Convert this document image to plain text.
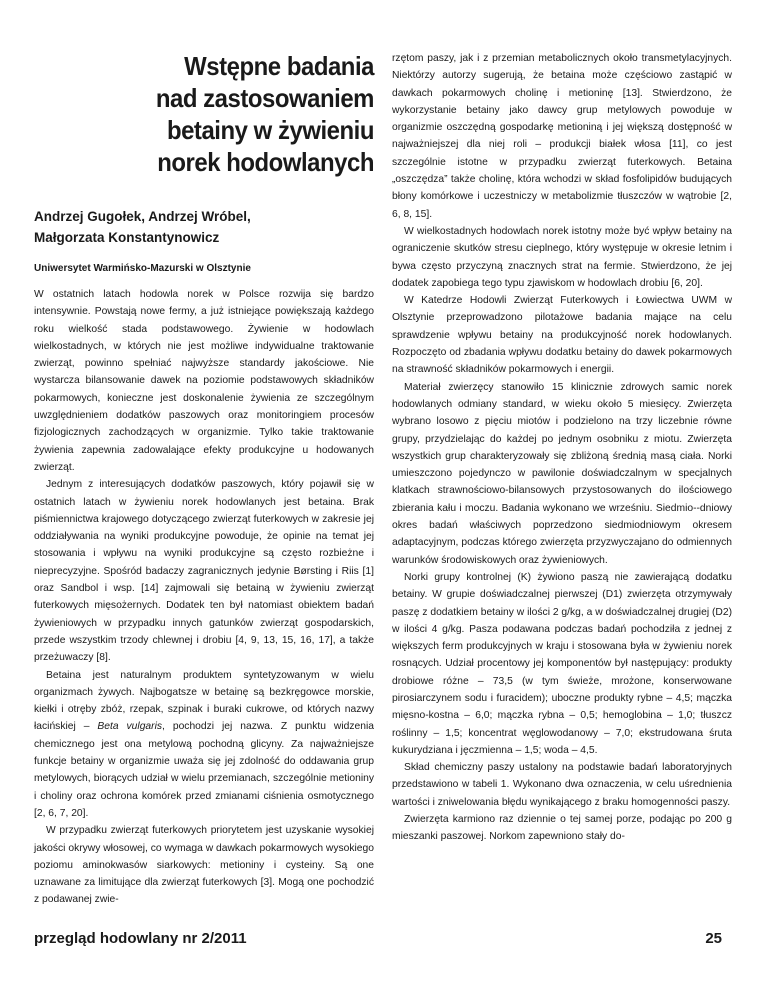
Wstępne badania
nad zastosowaniem
betainy w żywieniu
norek hodowlanych
Andrzej Gugołek, Andrzej Wróbel,
Małgorzata Konstantynowicz
Uniwersytet Warmińsko-Mazurski w Olsztynie

W ostatnich latach hodowla norek w Polsce rozwija się bardzo intensywnie. Powstają nowe fermy, a już istniejące powiększają każdego roku wielkość stada podstawowego. Żywienie w hodowlach wielkostadnych, w których nie jest możliwe indywidualne traktowanie zwierząt, powinno spełniać najwyższe standardy jakościowe. Nie wystarcza bilansowanie dawek na poziomie podstawowych składników pokarmowych, konieczne jest doskonalenie żywienia ze szczególnym uwzględnieniem dodatków paszowych oraz monitoringiem procesów fizjologicznych zachodzących w organizmie. Tylko takie traktowanie żywienia zapewnia zadowalające efekty produkcyjne u hodowanych zwierząt.

Jednym z interesujących dodatków paszowych, który pojawił się w ostatnich latach w żywieniu norek hodowlanych jest betaina. Brak piśmiennictwa krajowego dotyczącego zwierząt futerkowych w zakresie jej oddziaływania na wyniki produkcyjne powoduje, że opinie na temat jej stosowania i wpływu na wyniki produkcyjne są często rozbieżne i nieprecyzyjne. Spośród badaczy zagranicznych jedynie Børsting i Riis [1] oraz Sandbol i wsp. [14] zajmowali się betainą w żywieniu zwierząt futerkowych mięsożernych. Dodatek ten był natomiast obiektem badań żywieniowych w przypadku innych gatunków zwierząt gospodarskich, przede wszystkim trzody chlewnej i drobiu [4, 9, 13, 15, 16, 17], a także przeżuwaczy [8].

Betaina jest naturalnym produktem syntetyzowanym w wielu organizmach żywych. Najbogatsze w betainę są bezkręgowce morskie, kiełki i otręby zbóż, rzepak, szpinak i buraki cukrowe, od których nazwy łacińskiej – Beta vulgaris, pochodzi jej nazwa. Z punktu widzenia chemicznego jest ona metylową pochodną glicyny. Za najważniejsze funkcje betainy w organizmie uważa się jej zdolność do oddawania grup metylowych, biorących udział w wielu przemianach, szczególnie metioniny i choliny oraz ochrona komórek przed zmianami ciśnienia osmotycznego [2, 6, 7, 20].

W przypadku zwierząt futerkowych priorytetem jest uzyskanie wysokiej jakości okrywy włosowej, co wymaga w dawkach pokarmowych wysokiego poziomu aminokwasów siarkowych: metioniny i cysteiny. Są one uznawane za limitujące dla zwierząt futerkowych [3]. Mogą one pochodzić z podawanej zwie-

rzętom paszy, jak i z przemian metabolicznych około transmetylacyjnych. Niektórzy autorzy sugerują, że betaina może częściowo zastąpić w dawkach pokarmowych cholinę i metioninę [13]. Stwierdzono, że wykorzystanie betainy jako dawcy grup metylowych powoduje w organizmie oszczędną gospodarkę metioniną i jej większą dostępność w najważniejszej dla niej roli – produkcji białek włosa [11], co jest szczególnie istotne w przypadku zwierząt futerkowych. Betaina „oszczędza” także cholinę, która wchodzi w skład fosfolipidów budujących błony komórkowe i uczestniczy w metabolizmie tłuszczów w wątrobie [2, 6, 8, 15].

W wielkostadnych hodowlach norek istotny może być wpływ betainy na ograniczenie skutków stresu cieplnego, który występuje w okresie letnim i bywa często przyczyną znacznych strat na fermie. Stwierdzono, że jej dodatek zapobiega tego typu zjawiskom w hodowlach drobiu [6, 20].

W Katedrze Hodowli Zwierząt Futerkowych i Łowiectwa UWM w Olsztynie przeprowadzono pilotażowe badania mające na celu sprawdzenie wpływu betainy na produkcyjność norek hodowlanych. Rozpoczęto od zbadania wpływu dodatku betainy do dawek pokarmowych na strawność składników pokarmowych i energii.

Materiał zwierzęcy stanowiło 15 klinicznie zdrowych samic norek hodowlanych odmiany standard, w wieku około 5 miesięcy. Zwierzęta wybrano losowo z pięciu miotów i podzielono na trzy liczebnie równe grupy, przydzielając do każdej po jednym osobniku z miotu. Zwierzęta wszystkich grup charakteryzowały się zbliżoną średnią masą ciała. Norki umieszczono pojedynczo w pawilonie doświadczalnym w specjalnych klatkach strawnościowo-bilansowych przystosowanych do ilościowego zbierania kału i moczu. Badania wykonano we wrześniu. Siedmio--dniowy okres badań właściwych poprzedzono siedmiodniowym okresem adaptacyjnym, podczas którego zwierzęta przyzwyczajano do odmiennych warunków środowiskowych oraz żywieniowych.

Norki grupy kontrolnej (K) żywiono paszą nie zawierającą dodatku betainy. W grupie doświadczalnej pierwszej (D1) zwierzęta otrzymywały paszę z dodatkiem betainy w ilości 2 g/kg, a w doświadczalnej drugiej (D2) w ilości 4 g/kg. Pasza podawana podczas badań pochodziła z jednej z większych ferm produkcyjnych w kraju i stosowana była w żywieniu norek rosnących. Udział procentowy jej komponentów był następujący: produkty drobiowe różne – 73,5 (w tym świeże, mrożone, konserwowane pirosiarczynem sodu i furacidem); uboczne produkty rybne – 4,5; mączka mięsno-kostna – 6,0; mączka rybna – 0,5; hemoglobina – 1,0; tłuszcz roślinny – 1,5; koncentrat węglowodanowy – 7,0; ekstrudowana śruta kukurydziana i jęczmienna – 1,5; woda – 4,5.

Skład chemiczny paszy ustalony na podstawie badań laboratoryjnych przedstawiono w tabeli 1. Wykonano dwa oznaczenia, w celu uśrednienia wartości i zniwelowania błędu wynikającego z braku homogenności paszy.

Zwierzęta karmiono raz dziennie o tej samej porze, podając po 200 g mieszanki paszowej. Norkom zapewniono stały do-

przegląd hodowlany nr 2/2011	25
